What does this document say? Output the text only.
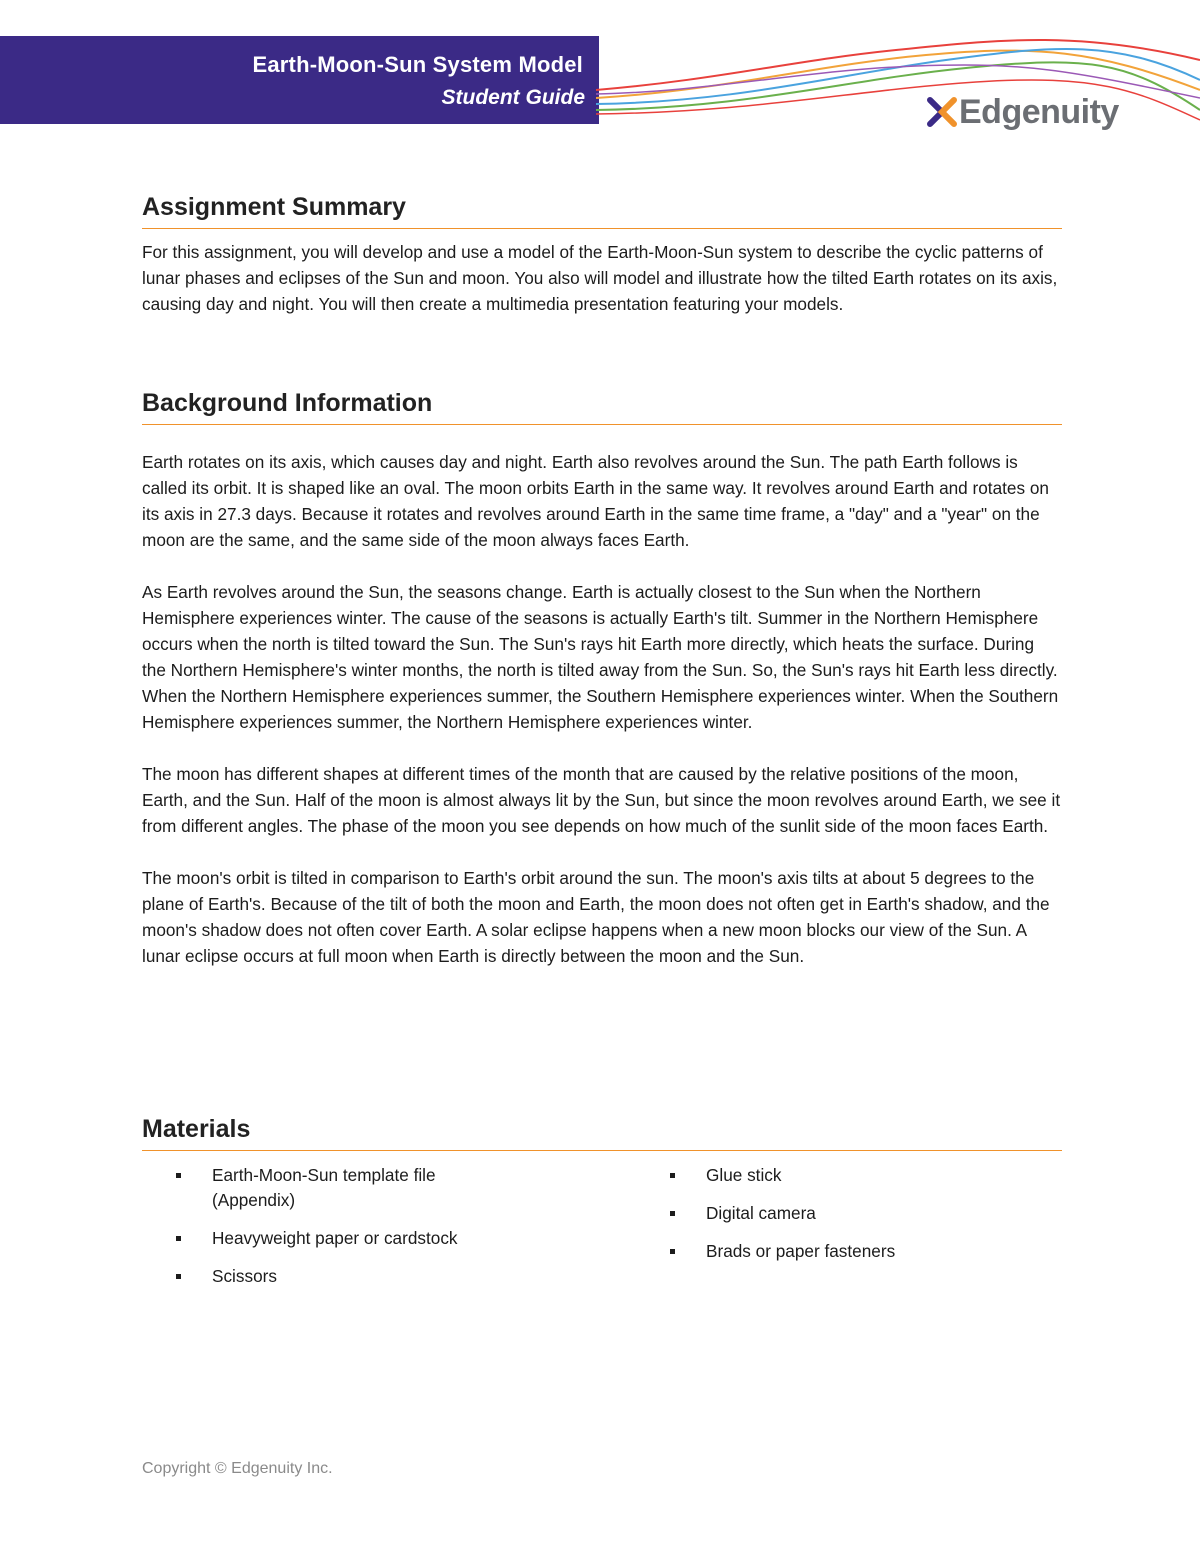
Earth-Moon-Sun System Model
Student Guide	Edgenuity
Assignment Summary

For this assignment, you will develop and use a model of the Earth-Moon-Sun system to describe the cyclic patterns of lunar phases and eclipses of the Sun and moon. You also will model and illustrate how the tilted Earth rotates on its axis, causing day and night. You will then create a multimedia presentation featuring your models.

Background Information

Earth rotates on its axis, which causes day and night. Earth also revolves around the Sun. The path Earth follows is called its orbit. It is shaped like an oval. The moon orbits Earth in the same way. It revolves around Earth and rotates on its axis in 27.3 days. Because it rotates and revolves around Earth in the same time frame, a "day" and a "year" on the moon are the same, and the same side of the moon always faces Earth.

As Earth revolves around the Sun, the seasons change. Earth is actually closest to the Sun when the Northern Hemisphere experiences winter. The cause of the seasons is actually Earth's tilt. Summer in the Northern Hemisphere occurs when the north is tilted toward the Sun. The Sun's rays hit Earth more directly, which heats the surface. During the Northern Hemisphere's winter months, the north is tilted away from the Sun. So, the Sun's rays hit Earth less directly. When the Northern Hemisphere experiences summer, the Southern Hemisphere experiences winter. When the Southern Hemisphere experiences summer, the Northern Hemisphere experiences winter.

The moon has different shapes at different times of the month that are caused by the relative positions of the moon, Earth, and the Sun. Half of the moon is almost always lit by the Sun, but since the moon revolves around Earth, we see it from different angles. The phase of the moon you see depends on how much of the sunlit side of the moon faces Earth.

The moon's orbit is tilted in comparison to Earth's orbit around the sun. The moon's axis tilts at about 5 degrees to the plane of Earth's. Because of the tilt of both the moon and Earth, the moon does not often get in Earth's shadow, and the moon's shadow does not often cover Earth. A solar eclipse happens when a new moon blocks our view of the Sun. A lunar eclipse occurs at full moon when Earth is directly between the moon and the Sun.

Materials
Earth-Moon-Sun template file (Appendix)
Heavyweight paper or cardstock
Scissors
Glue stick
Digital camera
Brads or paper fasteners
Copyright © Edgenuity Inc.
